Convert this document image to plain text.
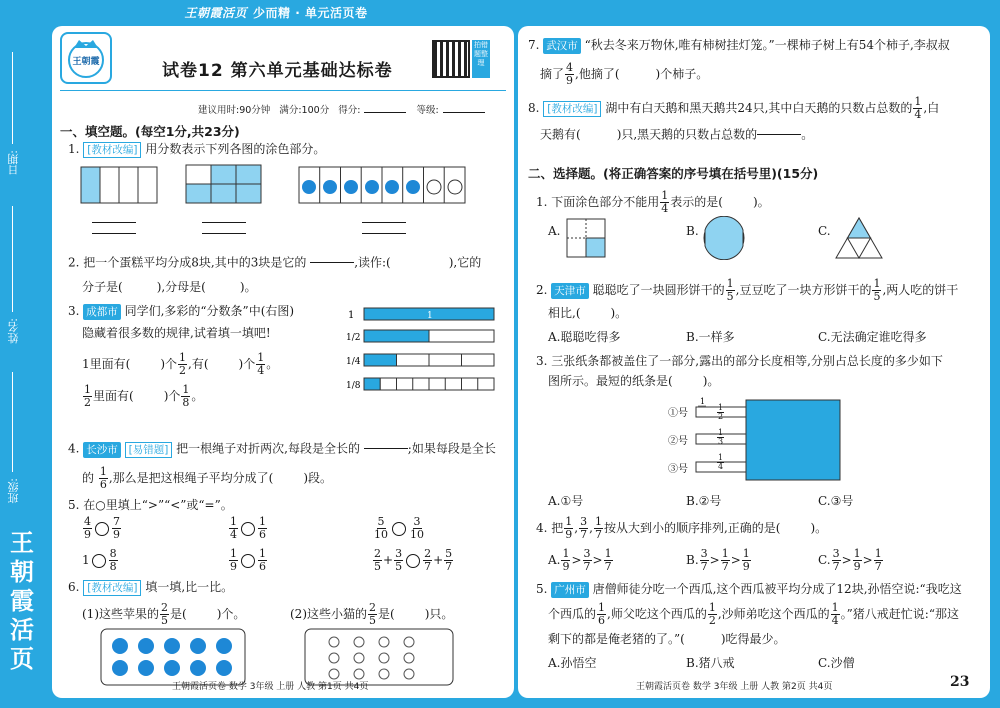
日期:
姓名:
班级:
王
朝
霞
活
页
王朝霞活页 少而精 · 单元活页卷
王朝霞	试卷12 第六单元基础达标卷
拍错题整理
建议用时:90分钟 满分:100分 得分:	等级:
一、填空题。(每空1分,共23分)
1. [教材改编] 用分数表示下列各图的涂色部分。
2. 把一个蛋糕平均分成8块,其中的3块是它的	,读作:(	),它的
分子是(	),分母是(	)。
3. 成都市 同学们,多彩的“分数条”中(右图)
隐藏着很多数的规律,试着填一填吧!
1里面有(	)个 $\frac{1}{2}$ ,有(	)个 $\frac{1}{4}$ 。
$\frac{1}{2}$ 里面有(	)个 $\frac{1}{8}$ 。
1	1
1/2
1/4
1/8
4. 长沙市 [易错题] 把一根绳子对折两次,每段是全长的	;如果每段是全长
的 $\frac{1}{6}$ ,那么是把这根绳子平均分成了(	)段。
5. 在○里填上“>”“<”或“=”。
$\frac{4}{9} \frac{7}{9}$	$\frac{1}{4} \frac{1}{6}$	$\frac{5}{10} \frac{3}{10}$
$1 \frac{8}{8}$	$\frac{1}{9} \frac{1}{6}$	$\frac{2}{5} + \frac{3}{5} \frac{2}{7} + \frac{5}{7}$
6. [教材改编] 填一填,比一比。
(1)这些苹果的 $\frac{2}{5}$ 是(	)个。	(2)这些小猫的 $\frac{2}{5}$ 是(	)只。
王朝霞活页卷 数学 3年级 上册 人教 第1页 共4页
7. 武汉市 “秋去冬来万物休,唯有柿树挂灯笼。”一棵柿子树上有54个柿子,李叔叔
摘了 $\frac{4}{9}$ ,他摘了(	)个柿子。
8. [教材改编] 湖中有白天鹅和黑天鹅共24只,其中白天鹅的只数占总数的 $\frac{1}{4}$ ,白
天鹅有(	)只,黑天鹅的只数占总数的	。
二、选择题。(将正确答案的序号填在括号里)(15分)
1. 下面涂色部分不能用 $\frac{1}{4}$ 表示的是(	)。
A.	B.	C.
2. 天津市 聪聪吃了一块圆形饼干的 $\frac{1}{5}$ ,豆豆吃了一块方形饼干的 $\frac{1}{5}$ ,两人吃的饼干
相比,(	)。
A.聪聪吃得多	B.一样多	C.无法确定谁吃得多
3. 三张纸条都被盖住了一部分,露出的部分长度相等,分别占总长度的多少如下
图所示。最短的纸条是(	)。
①号
1
②号
③号
$\frac{1}{2}$
$\frac{1}{3}$
$\frac{1}{4}$
A.①号	B.②号	C.③号
4. 把 $\frac{1}{9}$ , $\frac{3}{7}$ , $\frac{1}{7}$ 按从大到小的顺序排列,正确的是(	)。
A. $\frac{1}{9} > \frac{3}{7} > \frac{1}{7}$	B. $\frac{3}{7} > \frac{1}{7} > \frac{1}{9}$	C. $\frac{3}{7} > \frac{1}{9} > \frac{1}{7}$
5. 广州市 唐僧师徒分吃一个西瓜,这个西瓜被平均分成了12块,孙悟空说:“我吃这
个西瓜的 $\frac{1}{6}$ ,师父吃这个西瓜的 $\frac{1}{2}$ ,沙师弟吃这个西瓜的 $\frac{1}{4}$ 。”猪八戒赶忙说:“那这
剩下的都是俺老猪的了。”(	)吃得最少。
A.孙悟空	B.猪八戒	C.沙僧
王朝霞活页卷 数学 3年级 上册 人教 第2页 共4页	23
